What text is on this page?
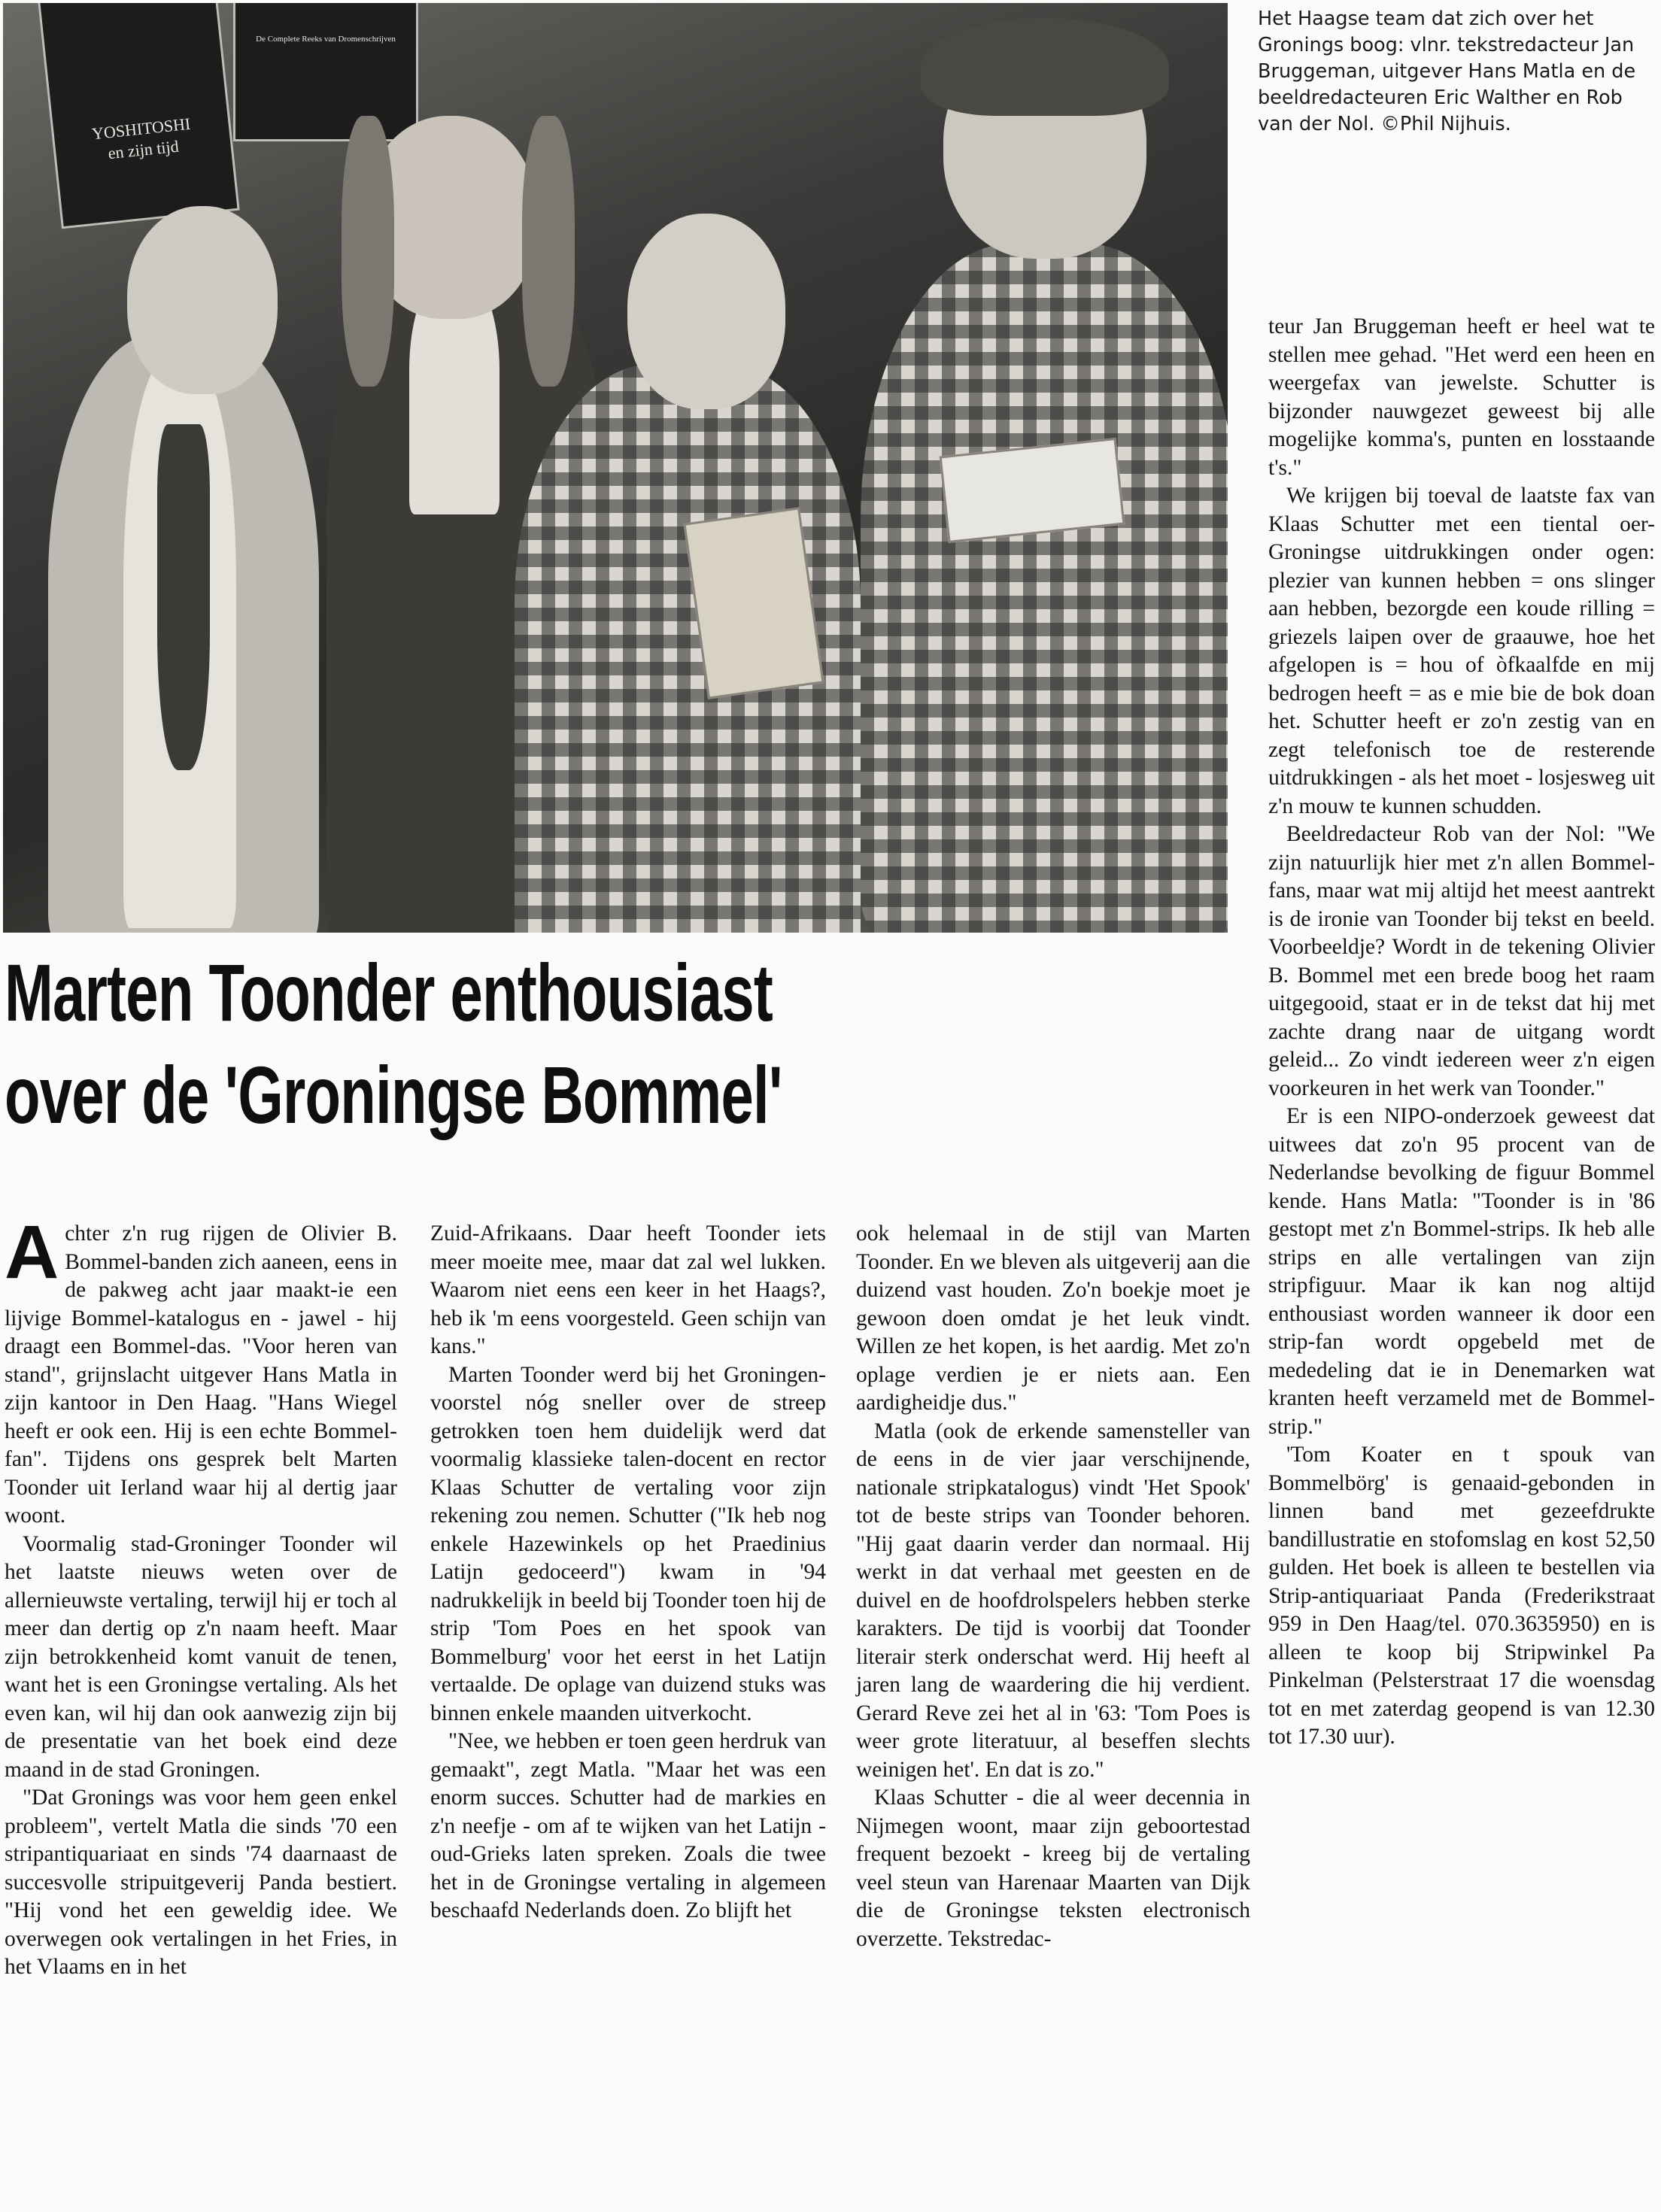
YOSHITOSHI
en zijn tijd
De Complete Reeks van Dromenschrijven
Het Haagse team dat zich over het Gronings boog: vlnr. tekstredacteur Jan Bruggeman, uitgever Hans Matla en de beeldredacteuren Eric Walther en Rob van der Nol. ©Phil Nijhuis.
Marten Toonder enthousiast
over de 'Groningse Bommel'

Achter z'n rug rijgen de Olivier B. Bommel-banden zich aaneen, eens in de pakweg acht jaar maakt-ie een lijvige Bommel-katalogus en - jawel - hij draagt een Bommel-das. "Voor heren van stand", grijnslacht uitgever Hans Matla in zijn kantoor in Den Haag. "Hans Wiegel heeft er ook een. Hij is een echte Bommel-fan". Tijdens ons gesprek belt Marten Toonder uit Ierland waar hij al dertig jaar woont.

Voormalig stad-Groninger Toonder wil het laatste nieuws weten over de allernieuwste vertaling, terwijl hij er toch al meer dan dertig op z'n naam heeft. Maar zijn betrokkenheid komt vanuit de tenen, want het is een Groningse vertaling. Als het even kan, wil hij dan ook aanwezig zijn bij de presentatie van het boek eind deze maand in de stad Groningen.

"Dat Gronings was voor hem geen enkel probleem", vertelt Matla die sinds '70 een stripantiquariaat en sinds '74 daarnaast de succesvolle stripuitgeverij Panda bestiert. "Hij vond het een geweldig idee. We overwegen ook vertalingen in het Fries, in het Vlaams en in het

Zuid-Afrikaans. Daar heeft Toonder iets meer moeite mee, maar dat zal wel lukken. Waarom niet eens een keer in het Haags?, heb ik 'm eens voorgesteld. Geen schijn van kans."

Marten Toonder werd bij het Groningen-voorstel nóg sneller over de streep getrokken toen hem duidelijk werd dat voormalig klassieke talen-docent en rector Klaas Schutter de vertaling voor zijn rekening zou nemen. Schutter ("Ik heb nog enkele Hazewinkels op het Praedinius Latijn gedoceerd") kwam in '94 nadrukkelijk in beeld bij Toonder toen hij de strip 'Tom Poes en het spook van Bommelburg' voor het eerst in het Latijn vertaalde. De oplage van duizend stuks was binnen enkele maanden uitverkocht.

"Nee, we hebben er toen geen herdruk van gemaakt", zegt Matla. "Maar het was een enorm succes. Schutter had de markies en z'n neefje - om af te wijken van het Latijn - oud-Grieks laten spreken. Zoals die twee het in de Groningse vertaling in algemeen beschaafd Nederlands doen. Zo blijft het

ook helemaal in de stijl van Marten Toonder. En we bleven als uitgeverij aan die duizend vast houden. Zo'n boekje moet je gewoon doen omdat je het leuk vindt. Willen ze het kopen, is het aardig. Met zo'n oplage verdien je er niets aan. Een aardigheidje dus."

Matla (ook de erkende samensteller van de eens in de vier jaar verschijnende, nationale stripkatalogus) vindt 'Het Spook' tot de beste strips van Toonder behoren. "Hij gaat daarin verder dan normaal. Hij werkt in dat verhaal met geesten en de duivel en de hoofdrolspelers hebben sterke karakters. De tijd is voorbij dat Toonder literair sterk onderschat werd. Hij heeft al jaren lang de waardering die hij verdient. Gerard Reve zei het al in '63: 'Tom Poes is weer grote literatuur, al beseffen slechts weinigen het'. En dat is zo."

Klaas Schutter - die al weer decennia in Nijmegen woont, maar zijn geboortestad frequent bezoekt - kreeg bij de vertaling veel steun van Harenaar Maarten van Dijk die de Groningse teksten electronisch overzette. Tekstredac-

teur Jan Bruggeman heeft er heel wat te stellen mee gehad. "Het werd een heen en weergefax van jewelste. Schutter is bijzonder nauwgezet geweest bij alle mogelijke komma's, punten en losstaande t's."

We krijgen bij toeval de laatste fax van Klaas Schutter met een tiental oer-Groningse uitdrukkingen onder ogen: plezier van kunnen hebben = ons slinger aan hebben, bezorgde een koude rilling = griezels laipen over de graauwe, hoe het afgelopen is = hou of òfkaalfde en mij bedrogen heeft = as e mie bie de bok doan het. Schutter heeft er zo'n zestig van en zegt telefonisch toe de resterende uitdrukkingen - als het moet - losjesweg uit z'n mouw te kunnen schudden.

Beeldredacteur Rob van der Nol: "We zijn natuurlijk hier met z'n allen Bommel-fans, maar wat mij altijd het meest aantrekt is de ironie van Toonder bij tekst en beeld. Voorbeeldje? Wordt in de tekening Olivier B. Bommel met een brede boog het raam uitgegooid, staat er in de tekst dat hij met zachte drang naar de uitgang wordt geleid... Zo vindt iedereen weer z'n eigen voorkeuren in het werk van Toonder."

Er is een NIPO-onderzoek geweest dat uitwees dat zo'n 95 procent van de Nederlandse bevolking de figuur Bommel kende. Hans Matla: "Toonder is in '86 gestopt met z'n Bommel-strips. Ik heb alle strips en alle vertalingen van zijn stripfiguur. Maar ik kan nog altijd enthousiast worden wanneer ik door een strip-fan wordt opgebeld met de mededeling dat ie in Denemarken wat kranten heeft verzameld met de Bommel-strip."

'Tom Koater en t spouk van Bommelbörg' is genaaid-gebonden in linnen band met gezeefdrukte bandillustratie en stofomslag en kost 52,50 gulden. Het boek is alleen te bestellen via Strip-antiquariaat Panda (Frederikstraat 959 in Den Haag/tel. 070.3635950) en is alleen te koop bij Stripwinkel Pa Pinkelman (Pelsterstraat 17 die woensdag tot en met zaterdag geopend is van 12.30 tot 17.30 uur).
